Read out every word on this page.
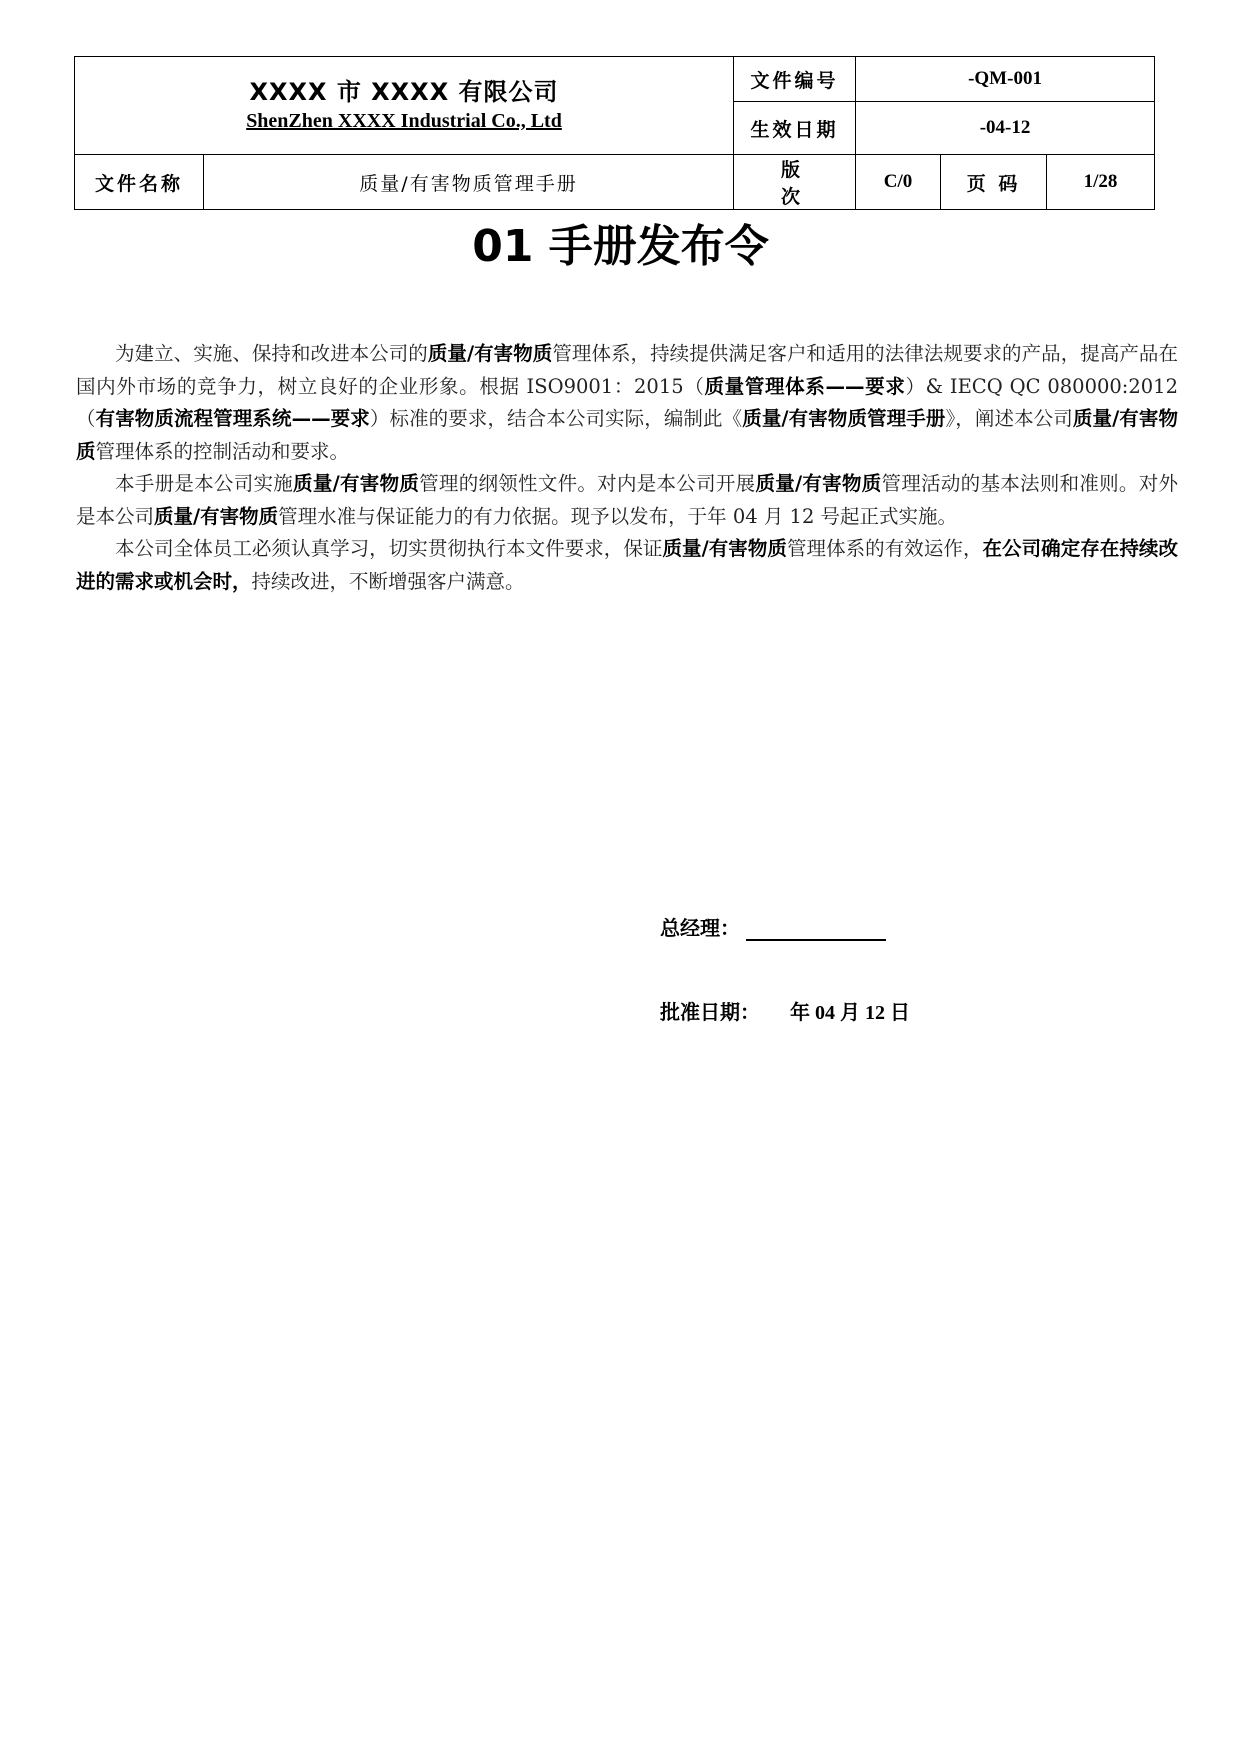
XXXX 市 XXXX 有限公司
ShenZhen XXXX Industrial Co., Ltd		文件编号	-QM-001		
		生效日期	-04-12		
文件名称	质量/有害物质管理手册	版 次	C/0	页 码	1/28
01 手册发布令

为建立、实施、保持和改进本公司的质量/有害物质管理体系，持续提供满足客户和适用的法律法规要求的产品，提高产品在国内外市场的竞争力，树立良好的企业形象。根据 ISO9001：2015（质量管理体系——要求）& IECQ QC 080000:2012（有害物质流程管理系统——要求）标准的要求，结合本公司实际，编制此《质量/有害物质管理手册》，阐述本公司质量/有害物质管理体系的控制活动和要求。

本手册是本公司实施质量/有害物质管理的纲领性文件。对内是本公司开展质量/有害物质管理活动的基本法则和准则。对外是本公司质量/有害物质管理水准与保证能力的有力依据。现予以发布，于年 04 月 12 号起正式实施。

本公司全体员工必须认真学习，切实贯彻执行本文件要求，保证质量/有害物质管理体系的有效运作，在公司确定存在持续改进的需求或机会时，持续改进，不断增强客户满意。

总经理：
批准日期： 年 04 月 12 日
